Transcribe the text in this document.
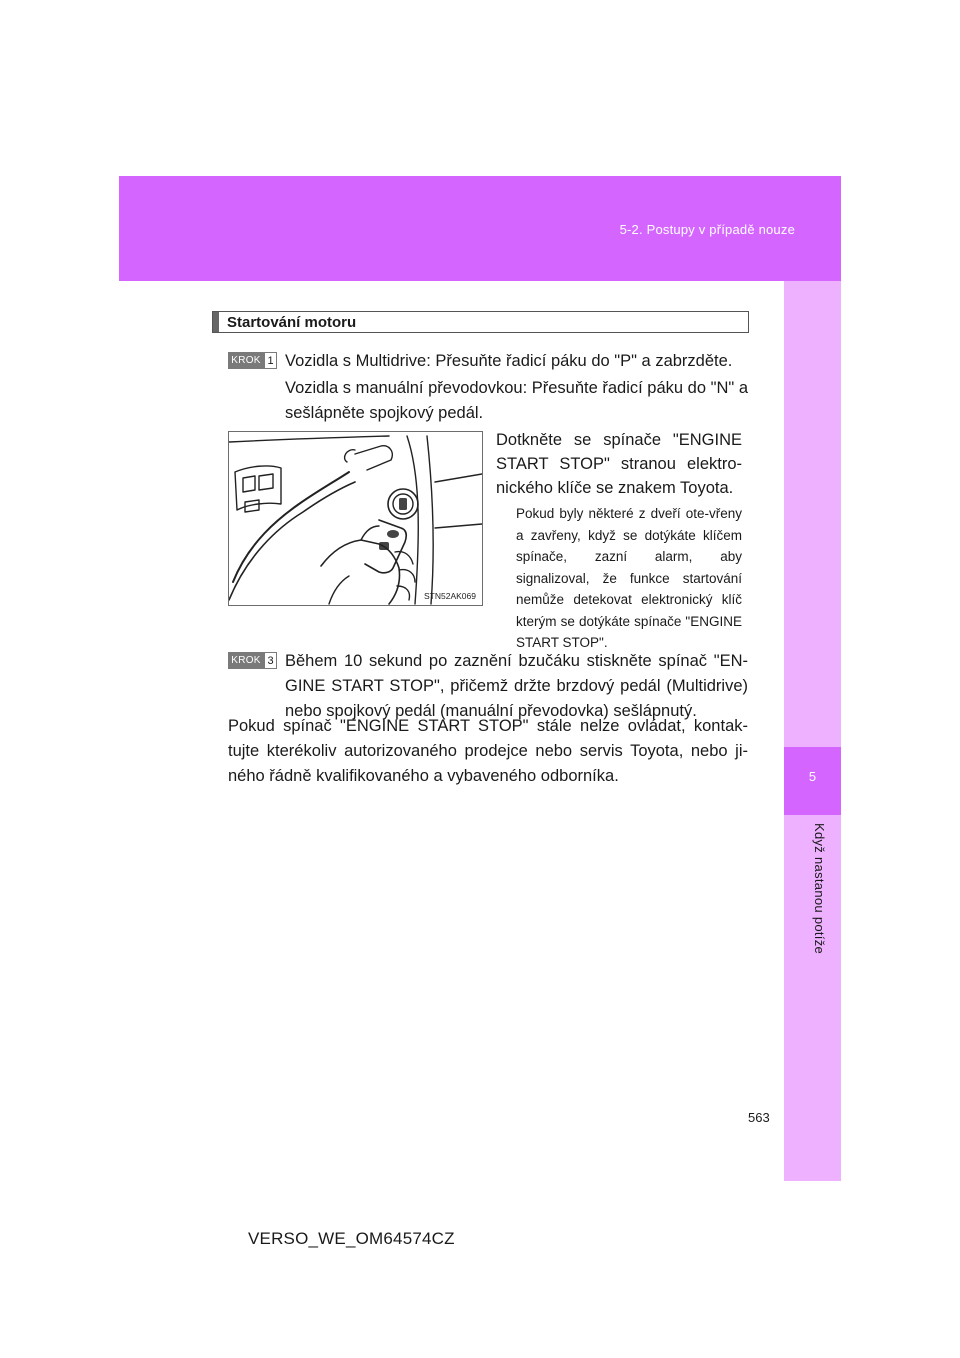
5-2. Postupy v případě nouze
5
Když nastanou potíže
Startování motoru
KROK 1 Vozidla s Multidrive: Přesuňte řadicí páku do "P" a zabrzděte.

Vozidla s manuální převodovkou: Přesuňte řadicí páku do "N" a sešlápněte spojkový pedál.

STN52AK069

Dotkněte se spínače "ENGINE START STOP" stranou elektro-nického klíče se znakem Toyota.

Pokud byly některé z dveří ote-vřeny a zavřeny, když se dotýkáte klíčem spínače, zazní alarm, aby signalizoval, že funkce startování nemůže detekovat elektronický klíč kterým se dotýkáte spínače "ENGINE START STOP".

KROK 3 Během 10 sekund po zaznění bzučáku stiskněte spínač "EN-GINE START STOP", přičemž držte brzdový pedál (Multidrive) nebo spojkový pedál (manuální převodovka) sešlápnutý.

Pokud spínač "ENGINE START STOP" stále nelze ovládat, kontak-tujte kterékoliv autorizovaného prodejce nebo servis Toyota, nebo ji-ného řádně kvalifikovaného a vybaveného odborníka.

563
VERSO_WE_OM64574CZ
